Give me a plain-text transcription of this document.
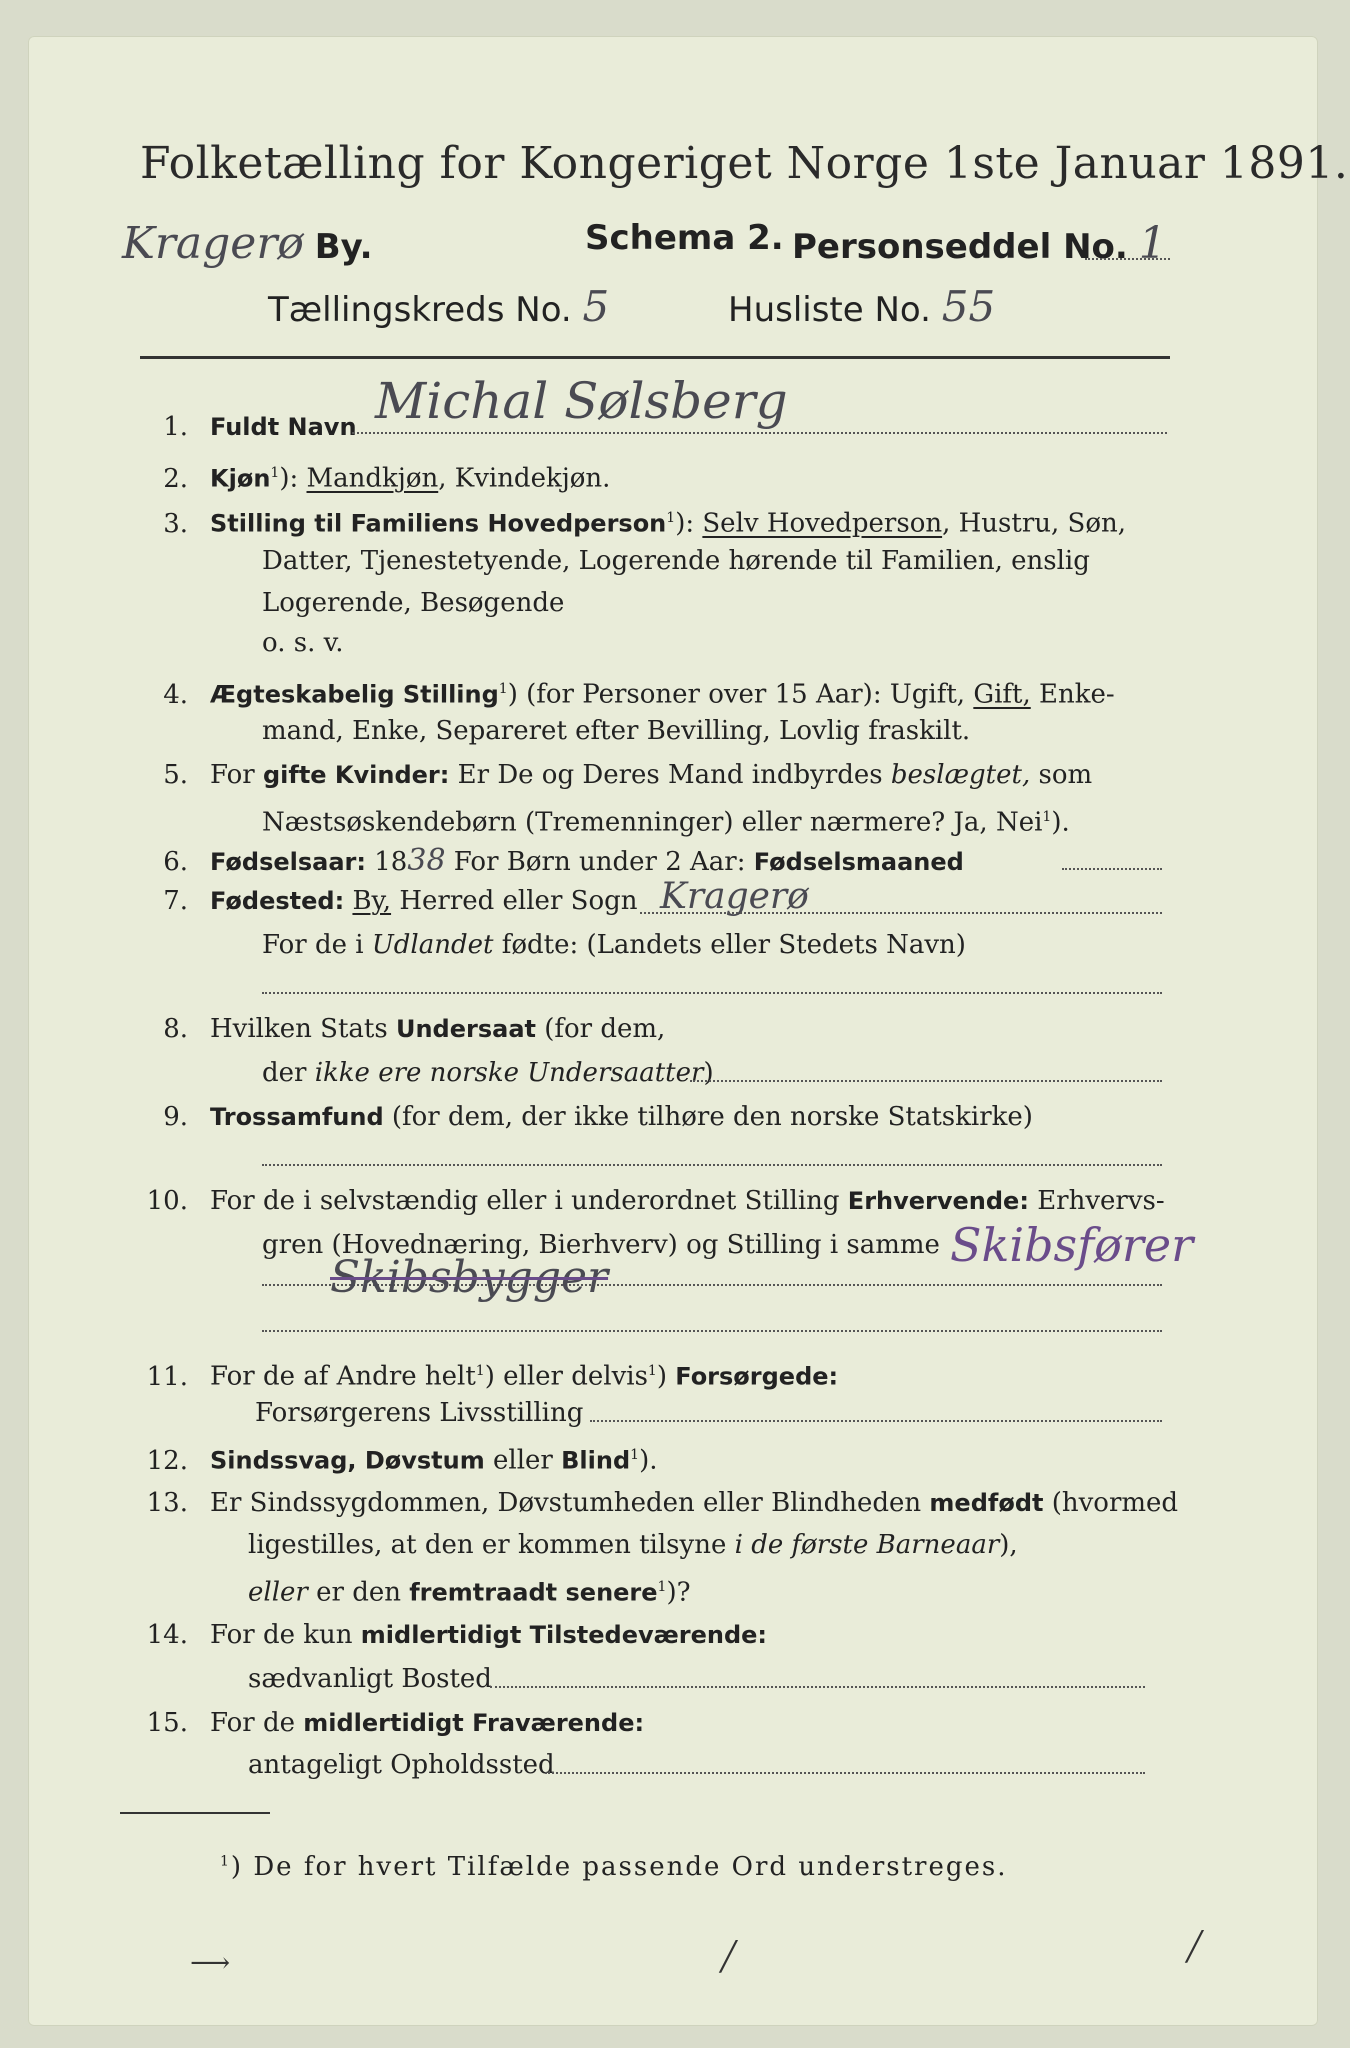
Folketælling for Kongeriget Norge 1ste Januar 1891.
Kragerø By.	Schema 2. Personseddel No. 1
Tællingskreds No. 5	Husliste No. 55
1. Fuldt Navn Michal Sølsberg
2. Kjøn$^1$): Mandkjøn, Kvindekjøn.
3. Stilling til Familiens Hovedperson$^1$): Selv Hovedperson, Hustru, Søn,
Datter, Tjenestetyende, Logerende hørende til Familien, enslig
Logerende, Besøgende
o. s. v.
4. Ægteskabelig Stilling$^1$) (for Personer over 15 Aar): Ugift, Gift, Enke-
mand, Enke, Separeret efter Bevilling, Lovlig fraskilt.
5. For gifte Kvinder: Er De og Deres Mand indbyrdes beslægtet, som
Næstsøskendebørn (Tremenninger) eller nærmere? Ja, Nei$^1$).
6. Fødselsaar: 1838 For Børn under 2 Aar: Fødselsmaaned
7. Fødested: By, Herred eller Sogn Kragerø
For de i Udlandet fødte: (Landets eller Stedets Navn)
8. Hvilken Stats Undersaat (for dem,
der ikke ere norske Undersaatter)
9. Trossamfund (for dem, der ikke tilhøre den norske Statskirke)
10. For de i selvstændig eller i underordnet Stilling Erhvervende: Erhvervs-
gren (Hovednæring, Bierhverv) og Stilling i samme Skibsfører
Skibsbygger
11. For de af Andre helt$^1$) eller delvis$^1$) Forsørgede:
Forsørgerens Livsstilling
12. Sindssvag, Døvstum eller Blind$^1$).
13. Er Sindssygdommen, Døvstumheden eller Blindheden medfødt (hvormed
ligestilles, at den er kommen tilsyne i de første Barneaar),
eller er den fremtraadt senere$^1$)?
14. For de kun midlertidigt Tilstedeværende:
sædvanligt Bosted
15. For de midlertidigt Fraværende:
antageligt Opholdssted
$^1$) De for hvert Tilfælde passende Ord understreges.
⟶	╱	╱
